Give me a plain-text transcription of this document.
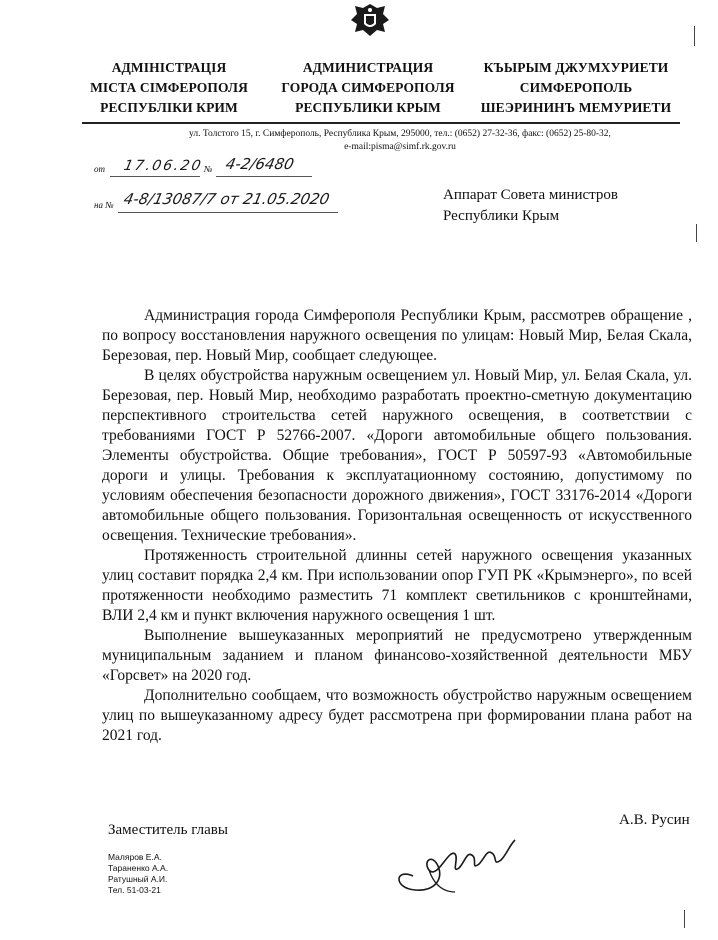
АДМІНІСТРАЦІЯ
МІСТА СІМФЕРОПОЛЯ
РЕСПУБЛІКИ КРИМ
АДМИНИСТРАЦИЯ
ГОРОДА СИМФЕРОПОЛЯ
РЕСПУБЛИКИ КРЫМ
КЪЫРЫМ ДЖУМХУРИЕТИ
СИМФЕРОПОЛЬ
ШЕЭРИНИНЪ МЕМУРИЕТИ
ул. Толстого 15, г. Симферополь, Республика Крым, 295000, тел.: (0652) 27-32-36, факс: (0652) 25-80-32,
e-mail:pisma@simf.rk.gov.ru
от 17.06.20 № 4-2/6480
на № 4-8/13087/7 от 21.05.2020	Аппарат Совета министров
Республики Крым

Администрация города Симферополя Республики Крым, рассмотрев обращение , по вопросу восстановления наружного освещения по улицам: Новый Мир, Белая Скала, Березовая, пер. Новый Мир, сообщает следующее.

В целях обустройства наружным освещением ул. Новый Мир, ул. Белая Скала, ул. Березовая, пер. Новый Мир, необходимо разработать проектно-сметную документацию перспективного строительства сетей наружного освещения, в соответствии с требованиями ГОСТ Р 52766-2007. «Дороги автомобильные общего пользования. Элементы обустройства. Общие требования», ГОСТ Р 50597-93 «Автомобильные дороги и улицы. Требования к эксплуатационному состоянию, допустимому по условиям обеспечения безопасности дорожного движения», ГОСТ 33176-2014 «Дороги автомобильные общего пользования. Горизонтальная освещенность от искусственного освещения. Технические требования».

Протяженность строительной длинны сетей наружного освещения указанных улиц составит порядка 2,4 км. При использовании опор ГУП РК «Крымэнерго», по всей протяженности необходимо разместить 71 комплект светильников с кронштейнами, ВЛИ 2,4 км и пункт включения наружного освещения 1 шт.

Выполнение вышеуказанных мероприятий не предусмотрено утвержденным муниципальным заданием и планом финансово-хозяйственной деятельности МБУ «Горсвет» на 2020 год.

Дополнительно сообщаем, что возможность обустройство наружным освещением улиц по вышеуказанному адресу будет рассмотрена при формировании плана работ на 2021 год.

Заместитель главы
А.В. Русин
Маляров Е.А.
Тараненко А.А.
Ратушный А.И.
Тел. 51-03-21
